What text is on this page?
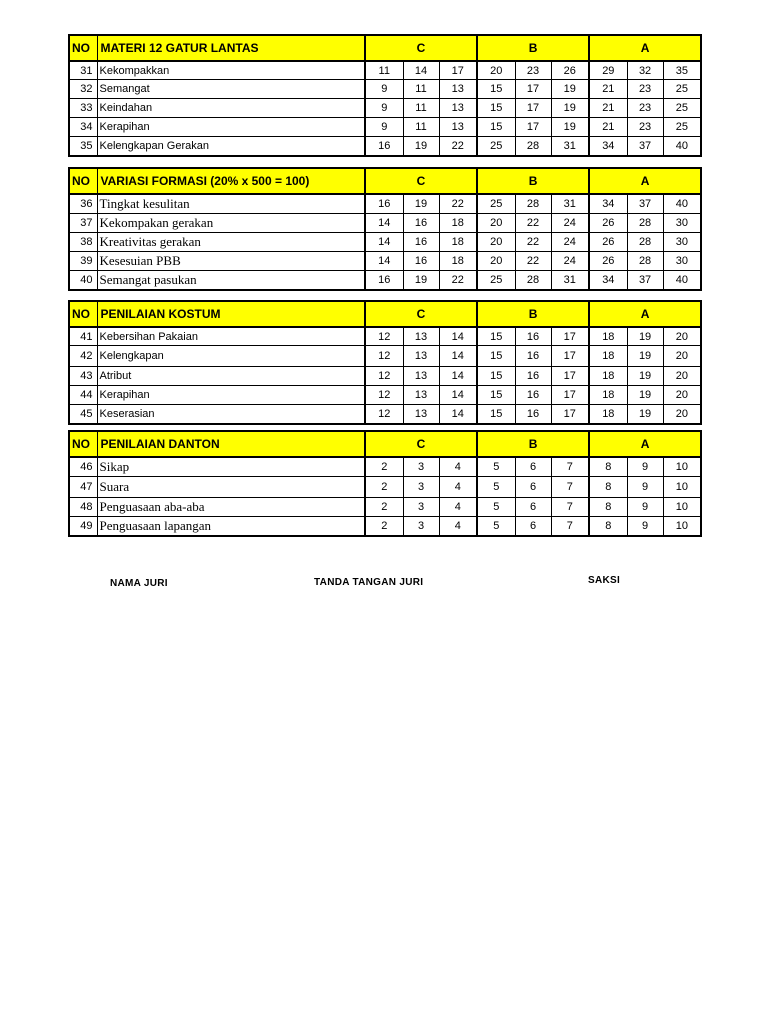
NO	MATERI 12 GATUR LANTAS	C			B			A		
31	Kekompakkan	11	14	17	20	23	26	29	32	35
32	Semangat	9	11	13	15	17	19	21	23	25
33	Keindahan	9	11	13	15	17	19	21	23	25
34	Kerapihan	9	11	13	15	17	19	21	23	25
35	Kelengkapan Gerakan	16	19	22	25	28	31	34	37	40
NO	VARIASI FORMASI (20% x 500 = 100)	C			B			A		
36	Tingkat kesulitan	16	19	22	25	28	31	34	37	40
37	Kekompakan gerakan	14	16	18	20	22	24	26	28	30
38	Kreativitas gerakan	14	16	18	20	22	24	26	28	30
39	Kesesuian PBB	14	16	18	20	22	24	26	28	30
40	Semangat pasukan	16	19	22	25	28	31	34	37	40
NO	PENILAIAN KOSTUM	C			B			A		
41	Kebersihan Pakaian	12	13	14	15	16	17	18	19	20
42	Kelengkapan	12	13	14	15	16	17	18	19	20
43	Atribut	12	13	14	15	16	17	18	19	20
44	Kerapihan	12	13	14	15	16	17	18	19	20
45	Keserasian	12	13	14	15	16	17	18	19	20
NO	PENILAIAN DANTON	C			B			A		
46	Sikap	2	3	4	5	6	7	8	9	10
47	Suara	2	3	4	5	6	7	8	9	10
48	Penguasaan aba-aba	2	3	4	5	6	7	8	9	10
49	Penguasaan lapangan	2	3	4	5	6	7	8	9	10
NAMA JURI	TANDA TANGAN JURI	SAKSI
